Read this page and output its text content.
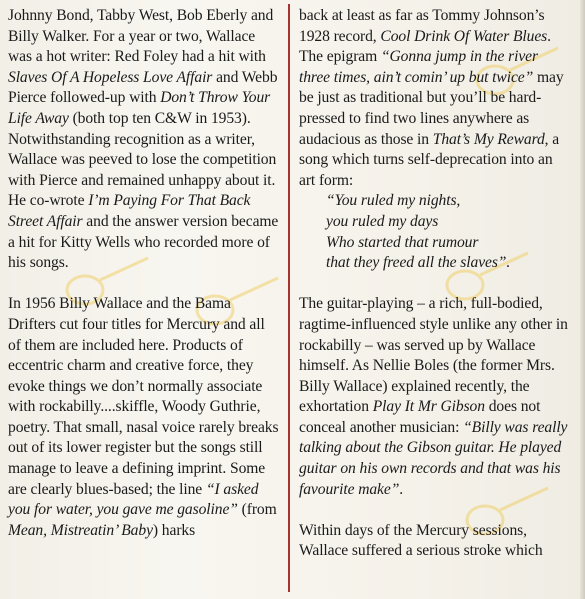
Johnny Bond, Tabby West, Bob Eberly and Billy Walker. For a year or two, Wallace was a hot writer: Red Foley had a hit with Slaves Of A Hopeless Love Affair and Webb Pierce followed-up with Don’t Throw Your Life Away (both top ten C&W in 1953). Notwithstanding recognition as a writer, Wallace was peeved to lose the competition with Pierce and remained unhappy about it. He co-wrote I’m Paying For That Back Street Affair and the answer version became a hit for Kitty Wells who recorded more of his songs.

In 1956 Billy Wallace and the Bama Drifters cut four titles for Mercury and all of them are included here. Products of eccentric charm and creative force, they evoke things we don’t normally associate with rockabilly....skiffle, Woody Guthrie, poetry. That small, nasal voice rarely breaks out of its lower register but the songs still manage to leave a defining imprint. Some are clearly blues-based; the line “I asked you for water, you gave me gasoline” (from Mean, Mistreatin’ Baby) harks

back at least as far as Tommy Johnson’s 1928 record, Cool Drink Of Water Blues. The epigram “Gonna jump in the river three times, ain’t comin’ up but twice” may be just as traditional but you’ll be hard-pressed to find two lines anywhere as audacious as those in That’s My Reward, a song which turns self-deprecation into an art form:

“You ruled my nights,

you ruled my days

Who started that rumour

that they freed all the slaves”.

The guitar-playing – a rich, full-bodied, ragtime-influenced style unlike any other in rockabilly – was served up by Wallace himself. As Nellie Boles (the former Mrs. Billy Wallace) explained recently, the exhortation Play It Mr Gibson does not conceal another musician: “Billy was really talking about the Gibson guitar. He played guitar on his own records and that was his favourite make”.

Within days of the Mercury sessions, Wallace suffered a serious stroke which
